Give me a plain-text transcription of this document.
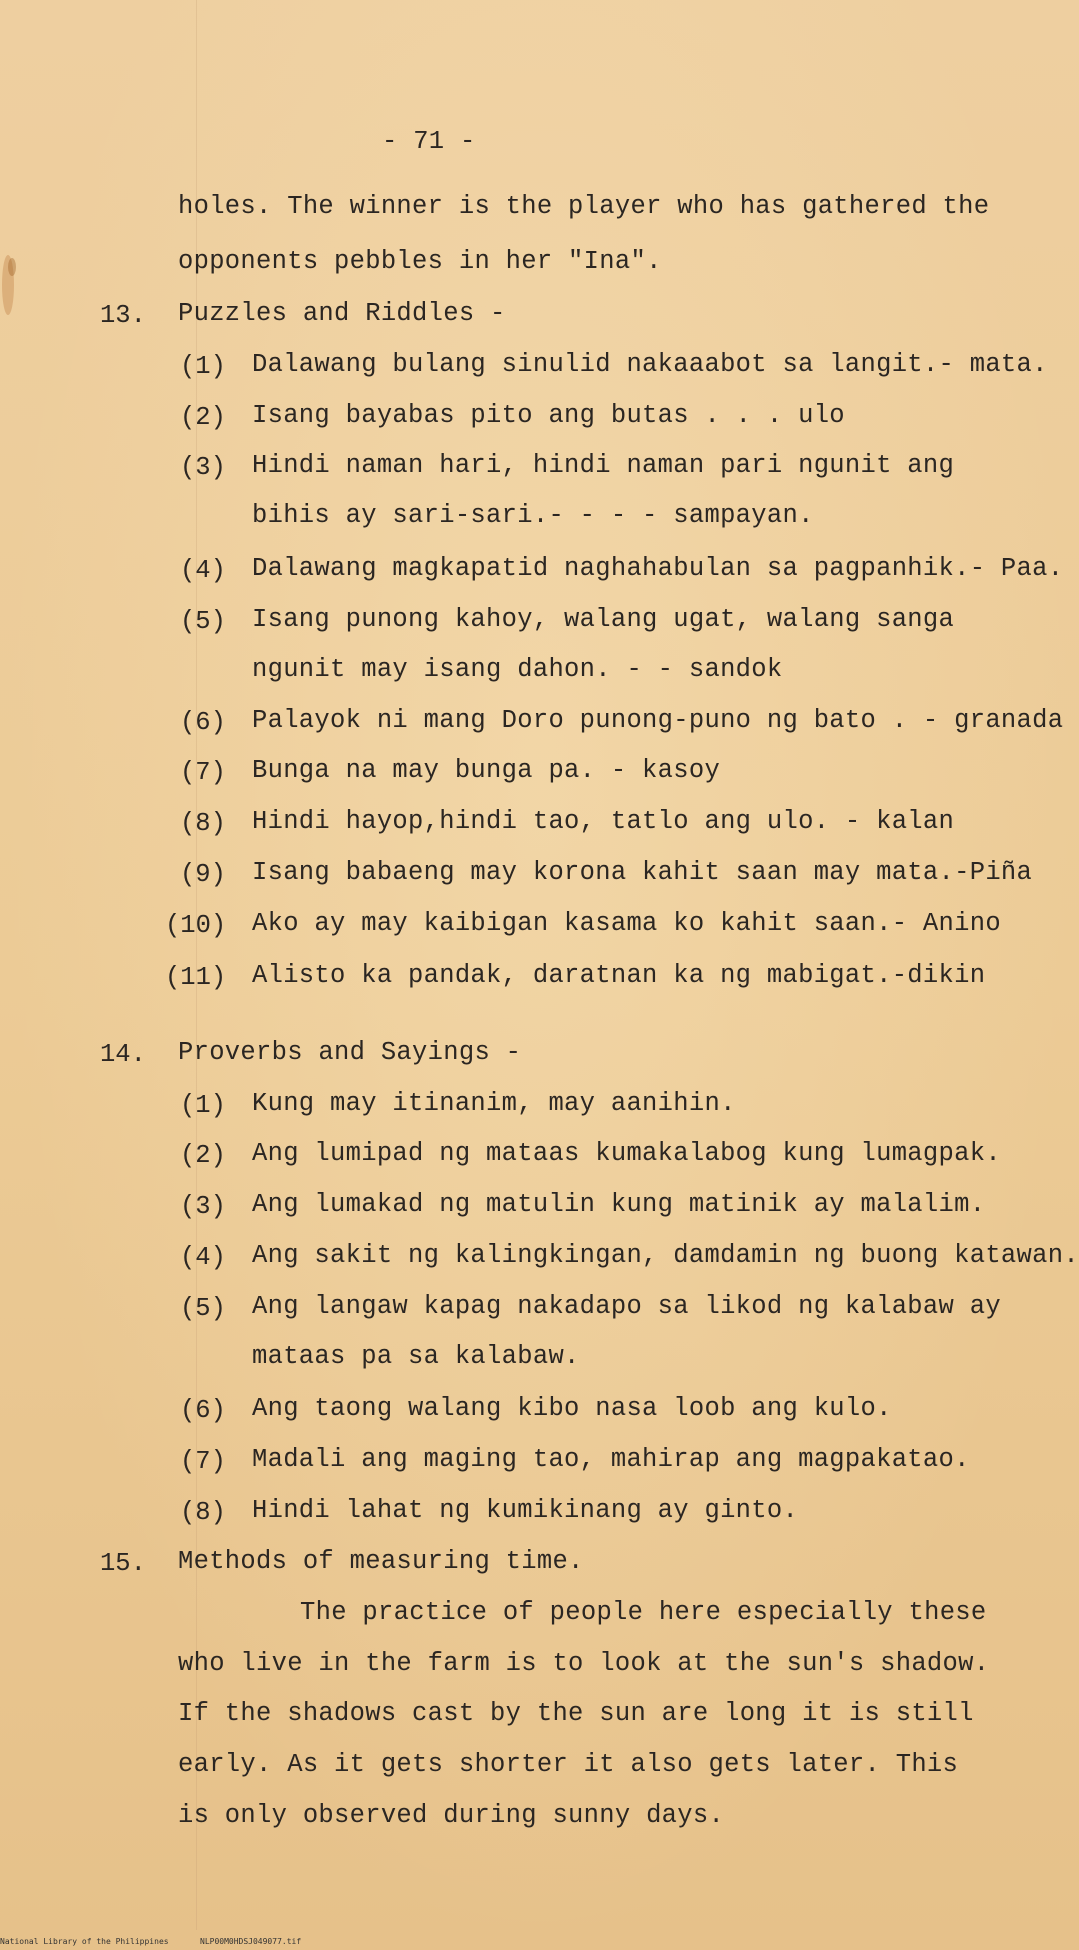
- 71 -
holes. The winner is the player who has gathered the
opponents pebbles in her "Ina".
13. Puzzles and Riddles -
(1) Dalawang bulang sinulid nakaaabot sa langit.- mata.
(2) Isang bayabas pito ang butas . . . ulo
(3) Hindi naman hari, hindi naman pari ngunit ang
bihis ay sari-sari.- - - - sampayan.
(4) Dalawang magkapatid naghahabulan sa pagpanhik.- Paa.
(5) Isang punong kahoy, walang ugat, walang sanga
ngunit may isang dahon. - - sandok
(6) Palayok ni mang Doro punong-puno ng bato . - granada
(7) Bunga na may bunga pa. - kasoy
(8) Hindi hayop,hindi tao, tatlo ang ulo. - kalan
(9) Isang babaeng may korona kahit saan may mata.-Piña
(10) Ako ay may kaibigan kasama ko kahit saan.- Anino
(11) Alisto ka pandak, daratnan ka ng mabigat.-dikin
14. Proverbs and Sayings -
(1) Kung may itinanim, may aanihin.
(2) Ang lumipad ng mataas kumakalabog kung lumagpak.
(3) Ang lumakad ng matulin kung matinik ay malalim.
(4) Ang sakit ng kalingkingan, damdamin ng buong katawan.
(5) Ang langaw kapag nakadapo sa likod ng kalabaw ay
mataas pa sa kalabaw.
(6) Ang taong walang kibo nasa loob ang kulo.
(7) Madali ang maging tao, mahirap ang magpakatao.
(8) Hindi lahat ng kumikinang ay ginto.
15. Methods of measuring time.
The practice of people here especially these
who live in the farm is to look at the sun's shadow.
If the shadows cast by the sun are long it is still
early. As it gets shorter it also gets later. This
is only observed during sunny days.
National Library of the Philippines	NLP00M0HDSJ049077.tif
